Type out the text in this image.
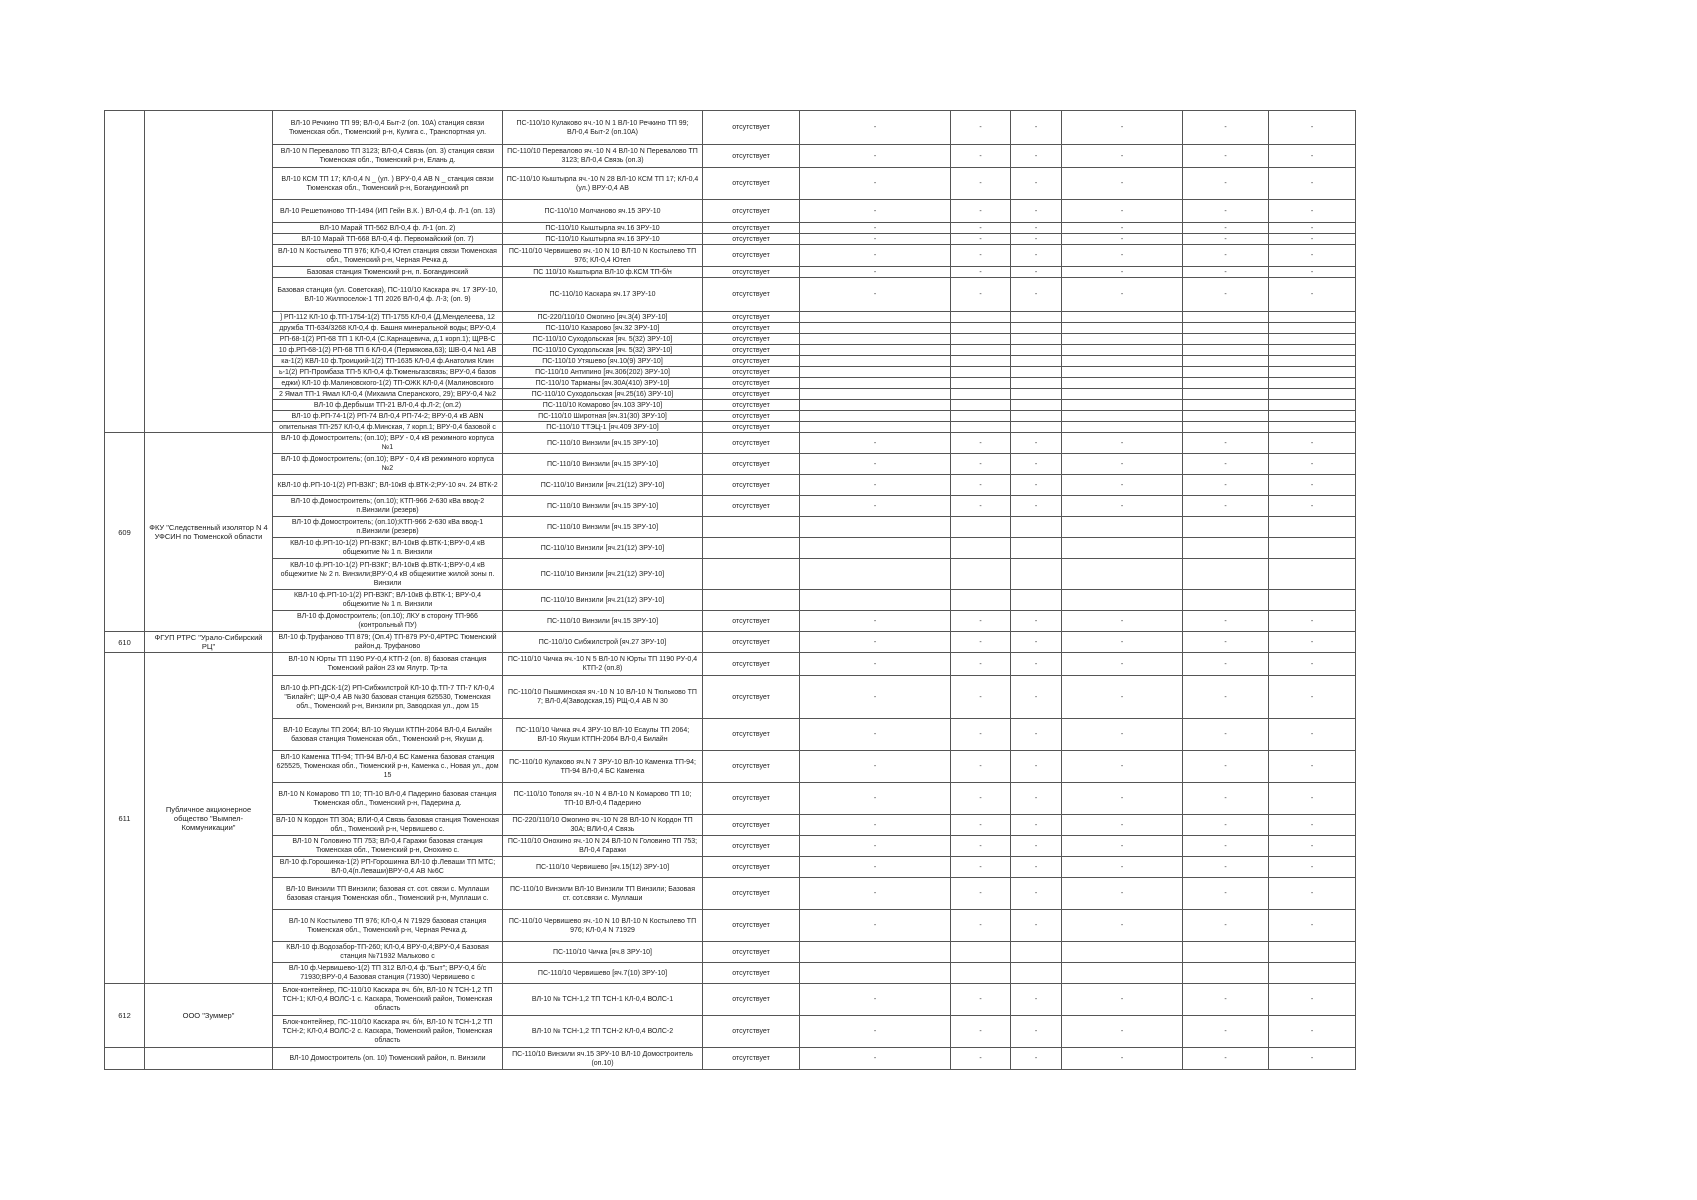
		ВЛ-10 Речкино ТП 99; ВЛ-0,4 Быт-2 (оп. 10А) станция связи Тюменская обл., Тюменский р-н, Кулига с., Транспортная ул.	ПС-110/10 Кулаково яч.-10 N 1 ВЛ-10 Речкино ТП 99; ВЛ-0,4 Быт-2 (оп.10А)	отсутствует	-	-	-	-	-	-
		ВЛ-10 N Перевалово ТП 3123; ВЛ-0,4 Связь (оп. 3) станция связи Тюменская обл., Тюменский р-н, Елань д.	ПС-110/10 Перевалово яч.-10 N 4 ВЛ-10 N Перевалово ТП 3123; ВЛ-0,4 Связь (оп.3)	отсутствует	-	-	-	-	-	-
		ВЛ-10 КСМ ТП 17; КЛ-0,4 N _ (ул. ) ВРУ-0,4 АВ N _ станция связи Тюменская обл., Тюменский р-н, Богандинский рп	ПС-110/10 Кыштырла яч.-10 N 28 ВЛ-10 КСМ ТП 17; КЛ-0,4 (ул.) ВРУ-0,4 АВ	отсутствует	-	-	-	-	-	-
		ВЛ-10 Решеткиново ТП-1494 (ИП Гейн В.К. ) ВЛ-0,4 ф. Л-1 (оп. 13)	ПС-110/10 Молчаново яч.15 ЗРУ-10	отсутствует	-	-	-	-	-	-
		ВЛ-10 Марай ТП-562 ВЛ-0,4 ф. Л-1 (оп. 2)	ПС-110/10 Кыштырла яч.16 ЗРУ-10	отсутствует	-	-	-	-	-	-
		ВЛ-10 Марай ТП-668 ВЛ-0,4 ф. Первомайский (оп. 7)	ПС-110/10 Кыштырла яч.16 ЗРУ-10	отсутствует	-	-	-	-	-	-
		ВЛ-10 N Костылево ТП 976; КЛ-0,4 Ютел станция связи Тюменская обл., Тюменский р-н, Черная Речка д.	ПС-110/10 Червишево яч.-10 N 10 ВЛ-10 N Костылево ТП 976; КЛ-0,4 Ютел	отсутствует	-	-	-	-	-	-
		Базовая станция Тюменский р-н, п. Богандинский	ПС 110/10 Кыштырла ВЛ-10 ф.КСМ ТП-б/н	отсутствует	-	-	-	-	-	-
		Базовая станция (ул. Советская), ПС-110/10 Каскара яч. 17 ЗРУ-10, ВЛ-10 Жилпоселок-1 ТП 2026 ВЛ-0,4 ф. Л-3; (оп. 9)	ПС-110/10 Каскара яч.17 ЗРУ-10	отсутствует	-	-	-	-	-	-
		] РП-112 КЛ-10 ф.ТП-1754-1(2) ТП-1755 КЛ-0,4 (Д.Менделеева, 12	ПС-220/110/10 Ожогино [яч.3(4) ЗРУ-10]	отсутствует						
		дружба ТП-634/3268 КЛ-0,4 ф. Башня минеральной воды; ВРУ-0,4	ПС-110/10 Казарово [яч.32 ЗРУ-10]	отсутствует						
		РП-68-1(2) РП-68 ТП 1 КЛ-0,4 (С.Карнацевича, д.1 корп.1); ЩРВ-С	ПС-110/10 Суходольская [яч. 5(32) ЗРУ-10]	отсутствует						
		10 ф.РП-68-1(2) РП-68 ТП 6 КЛ-0,4 (Пермякова,63); ШВ-0,4 №1 АВ	ПС-110/10 Суходольская [яч. 5(32) ЗРУ-10]	отсутствует						
		ка-1(2) КВЛ-10 ф.Троицкий-1(2) ТП-1635 КЛ-0,4 ф.Анатолия Клин	ПС-110/10 Утяшево [яч.10(9) ЗРУ-10]	отсутствует						
		ь-1(2) РП-Промбаза ТП-5 КЛ-0,4 ф.Тюменьгазсвязь; ВРУ-0,4 базов	ПС-110/10 Антипино [яч.306(202) ЗРУ-10]	отсутствует						
		еджи) КЛ-10 ф.Малиновского-1(2) ТП-ОЖК КЛ-0,4 (Малиновского	ПС-110/10 Тарманы [яч.30А(410) ЗРУ-10]	отсутствует						
		2 Ямал ТП-1 Ямал КЛ-0,4 (Михаила Сперанского, 29); ВРУ-0,4 №2	ПС-110/10 Суходольская [яч.25(16) ЗРУ-10]	отсутствует						
		ВЛ-10 ф.Дербыши ТП-21 ВЛ-0,4 ф.Л-2; (оп.2)	ПС-110/10 Комарово [яч.103 ЗРУ-10]	отсутствует						
		ВЛ-10 ф.РП-74-1(2) РП-74 ВЛ-0,4 РП-74-2; ВРУ-0,4 кВ АВN	ПС-110/10 Широтная [яч.31(30) ЗРУ-10]	отсутствует						
		опительная ТП-257 КЛ-0,4 ф.Минская, 7 корп.1; ВРУ-0,4 базовой с	ПС-110/10 ТТЭЦ-1 [яч.409 ЗРУ-10]	отсутствует						
609	ФКУ "Следственный изолятор N 4 УФСИН по Тюменской области	ВЛ-10 ф.Домостроитель; (оп.10); ВРУ - 0,4 кВ режимного корпуса №1	ПС-110/10 Винзили [яч.15 ЗРУ-10]	отсутствует	-	-	-	-	-	-
		ВЛ-10 ф.Домостроитель; (оп.10); ВРУ - 0,4 кВ режимного корпуса №2	ПС-110/10 Винзили [яч.15 ЗРУ-10]	отсутствует	-	-	-	-	-	-
		КВЛ-10 ф.РП-10-1(2) РП-ВЗКГ; ВЛ-10кВ ф.ВТК-2;РУ-10 яч. 24 ВТК-2	ПС-110/10 Винзили [яч.21(12) ЗРУ-10]	отсутствует	-	-	-	-	-	-
		ВЛ-10 ф.Домостроитель; (оп.10); КТП-966 2-630 кВа ввод-2 п.Винзили (резерв)	ПС-110/10 Винзили [яч.15 ЗРУ-10]	отсутствует	-	-	-	-	-	-
		ВЛ-10 ф.Домостроитель; (оп.10);КТП-966 2-630 кВа ввод-1 п.Винзили (резерв)	ПС-110/10 Винзили [яч.15 ЗРУ-10]							
		КВЛ-10 ф.РП-10-1(2) РП-ВЗКГ; ВЛ-10кВ ф.ВТК-1;ВРУ-0,4 кВ общежитие № 1 п. Винзили	ПС-110/10 Винзили [яч.21(12) ЗРУ-10]							
		КВЛ-10 ф.РП-10-1(2) РП-ВЗКГ; ВЛ-10кВ ф.ВТК-1;ВРУ-0,4 кВ общежитие № 2 п. Винзили;ВРУ-0,4 кВ общежитие жилой зоны п. Винзили	ПС-110/10 Винзили [яч.21(12) ЗРУ-10]							
		КВЛ-10 ф.РП-10-1(2) РП-ВЗКГ; ВЛ-10кВ ф.ВТК-1; ВРУ-0,4 общежитие № 1 п. Винзили	ПС-110/10 Винзили [яч.21(12) ЗРУ-10]							
		ВЛ-10 ф.Домостроитель; (оп.10); ЛКУ в сторону ТП-966 (контрольный ПУ)	ПС-110/10 Винзили [яч.15 ЗРУ-10]	отсутствует	-	-	-	-	-	-
610	ФГУП РТРС "Урало-Сибирский РЦ"	ВЛ-10 ф.Труфаново ТП 879; (Оп.4) ТП-879 РУ-0,4РТРС Тюменский район,д. Труфаново	ПС-110/10 Сибжилстрой [яч.27 ЗРУ-10]	отсутствует	-	-	-	-	-	-
611	Публичное акционерное общество "Вымпел-Коммуникации"	ВЛ-10 N Юрты ТП 1190 РУ-0,4 КТП-2 (оп. 8) базовая станция Тюменский район 23 км Ялутр. Тр-та	ПС-110/10 Чичка яч.-10 N 5 ВЛ-10 N Юрты ТП 1190 РУ-0,4 КТП-2 (оп.8)	отсутствует	-	-	-	-	-	-
		ВЛ-10 ф.РП-ДСК-1(2) РП-Сибжилстрой КЛ-10 ф.ТП-7 ТП-7 КЛ-0,4 "Билайн"; ЩР-0,4 АВ №30 базовая станция 625530, Тюменская обл., Тюменский р-н, Винзили рп, Заводская ул., дом 15	ПС-110/10 Пышминская яч.-10 N 10 ВЛ-10 N Тюльково ТП 7; ВЛ-0,4(Заводская,15) РЩ-0,4 АВ N 30	отсутствует	-	-	-	-	-	-
		ВЛ-10 Есаулы ТП 2064; ВЛ-10 Якуши КТПН-2064 ВЛ-0,4 Билайн базовая станция Тюменская обл., Тюменский р-н, Якуши д.	ПС-110/10 Чичка яч.4 ЗРУ-10 ВЛ-10 Есаулы ТП 2064; ВЛ-10 Якуши КТПН-2064 ВЛ-0,4 Билайн	отсутствует	-	-	-	-	-	-
		ВЛ-10 Каменка ТП-94; ТП-94 ВЛ-0,4 БС Каменка базовая станция 625525, Тюменская обл., Тюменский р-н, Каменка с., Новая ул., дом 15	ПС-110/10 Кулаково яч.N 7 ЗРУ-10 ВЛ-10 Каменка ТП-94; ТП-94 ВЛ-0,4 БС Каменка	отсутствует	-	-	-	-	-	-
		ВЛ-10 N Комарово ТП 10; ТП-10 ВЛ-0,4 Падерино базовая станция Тюменская обл., Тюменский р-н, Падерина д.	ПС-110/10 Тополя яч.-10 N 4 ВЛ-10 N Комарово ТП 10; ТП-10 ВЛ-0,4 Падерино	отсутствует	-	-	-	-	-	-
		ВЛ-10 N Кордон ТП 30А; ВЛИ-0,4 Связь базовая станция Тюменская обл., Тюменский р-н, Червишево с.	ПС-220/110/10 Ожогино яч.-10 N 28 ВЛ-10 N Кордон ТП 30А; ВЛИ-0,4 Связь	отсутствует	-	-	-	-	-	-
		ВЛ-10 N Головино ТП 753; ВЛ-0,4 Гаражи базовая станция Тюменская обл., Тюменский р-н, Онохино с.	ПС-110/10 Онохино яч.-10 N 24 ВЛ-10 N Головино ТП 753; ВЛ-0,4 Гаражи	отсутствует	-	-	-	-	-	-
		ВЛ-10 ф.Горошинка-1(2) РП-Горошинка ВЛ-10 ф.Леваши ТП МТС; ВЛ-0,4(п.Леваши)ВРУ-0,4 АВ №6С	ПС-110/10 Червишево [яч.15(12) ЗРУ-10]	отсутствует	-	-	-	-	-	-
		ВЛ-10 Винзили ТП Винзили; базовая ст. сот. связи с. Муллаши базовая станция Тюменская обл., Тюменский р-н, Муллаши с.	ПС-110/10 Винзили ВЛ-10 Винзили ТП Винзили; Базовая ст. сот.связи с. Муллаши	отсутствует	-	-	-	-	-	-
		ВЛ-10 N Костылево ТП 976; КЛ-0,4 N 71929 базовая станция Тюменская обл., Тюменский р-н, Черная Речка д.	ПС-110/10 Червишево яч.-10 N 10 ВЛ-10 N Костылево ТП 976; КЛ-0,4 N 71929	отсутствует	-	-	-	-	-	-
		КВЛ-10 ф.Водозабор-ТП-260; КЛ-0,4 ВРУ-0,4;ВРУ-0,4 Базовая станция №71932 Мальково с	ПС-110/10 Чичка [яч.8 ЗРУ-10]	отсутствует						
		ВЛ-10 ф.Червишево-1(2) ТП 312 ВЛ-0,4 ф."Быт"; ВРУ-0,4 б/с 71930;ВРУ-0,4 Базовая станция (71930) Червишево с	ПС-110/10 Червишево [яч.7(10) ЗРУ-10]	отсутствует						
612	ООО "Зуммер"	Блок-контейнер, ПС-110/10 Каскара яч. б/н, ВЛ-10 N ТСН-1,2 ТП ТСН-1; КЛ-0,4 ВОЛС-1 с. Каскара, Тюменский район, Тюменская область	ВЛ-10 № ТСН-1,2 ТП ТСН-1 КЛ-0,4 ВОЛС-1	отсутствует	-	-	-	-	-	-
		Блок-контейнер, ПС-110/10 Каскара яч. б/н, ВЛ-10 N ТСН-1,2 ТП ТСН-2; КЛ-0,4 ВОЛС-2 с. Каскара, Тюменский район, Тюменская область	ВЛ-10 № ТСН-1,2 ТП ТСН-2 КЛ-0,4 ВОЛС-2	отсутствует	-	-	-	-	-	-
		ВЛ-10 Домостроитель (оп. 10) Тюменский район, п. Винзили	ПС-110/10 Винзили яч.15 ЗРУ-10 ВЛ-10 Домостроитель (оп.10)	отсутствует	-	-	-	-	-	-
